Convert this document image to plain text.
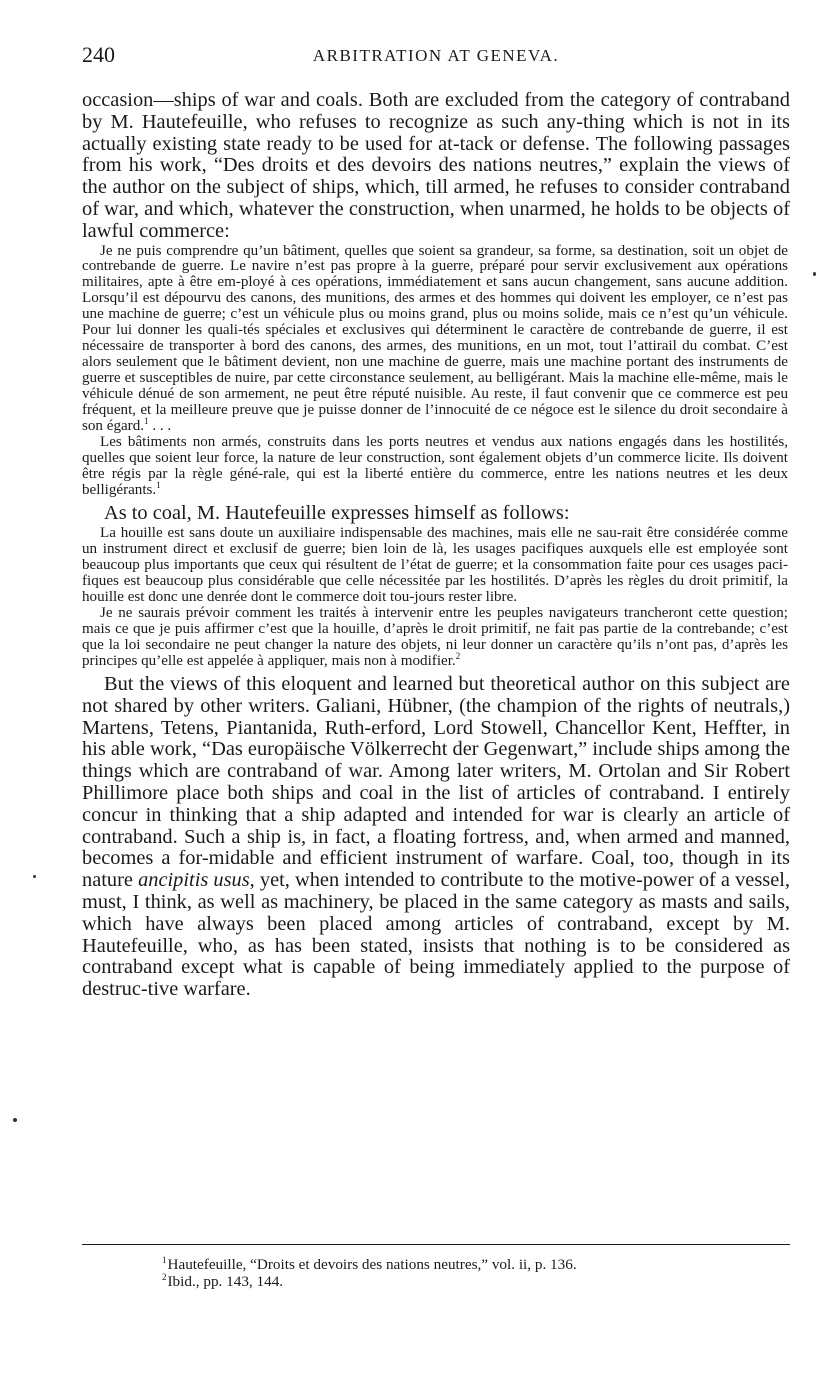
240	ARBITRATION AT GENEVA.

occasion—ships of war and coals. Both are excluded from the category of contraband by M. Hautefeuille, who refuses to recognize as such any-thing which is not in its actually existing state ready to be used for at-tack or defense. The following passages from his work, “Des droits et des devoirs des nations neutres,” explain the views of the author on the subject of ships, which, till armed, he refuses to consider contraband of war, and which, whatever the construction, when unarmed, he holds to be objects of lawful commerce:

Je ne puis comprendre qu’un bâtiment, quelles que soient sa grandeur, sa forme, sa destination, soit un objet de contrebande de guerre. Le navire n’est pas propre à la guerre, préparé pour servir exclusivement aux opérations militaires, apte à être em-ployé à ces opérations, immédiatement et sans aucun changement, sans aucune addition. Lorsqu’il est dépourvu des canons, des munitions, des armes et des hommes qui doivent les employer, ce n’est pas une machine de guerre; c’est un véhicule plus ou moins grand, plus ou moins solide, mais ce n’est qu’un véhicule. Pour lui donner les quali-tés spéciales et exclusives qui déterminent le caractère de contrebande de guerre, il est nécessaire de transporter à bord des canons, des armes, des munitions, en un mot, tout l’attirail du combat. C’est alors seulement que le bâtiment devient, non une machine de guerre, mais une machine portant des instruments de guerre et susceptibles de nuire, par cette circonstance seulement, au belligérant. Mais la machine elle-même, mais le véhicule dénué de son armement, ne peut être réputé nuisible. Au reste, il faut convenir que ce commerce est peu fréquent, et la meilleure preuve que je puisse donner de l’innocuité de ce négoce est le silence du droit secondaire à son égard.$^1$ . . .

Les bâtiments non armés, construits dans les ports neutres et vendus aux nations engagés dans les hostilités, quelles que soient leur force, la nature de leur construction, sont également objets d’un commerce licite. Ils doivent être régis par la règle géné-rale, qui est la liberté entière du commerce, entre les nations neutres et les deux belligérants.$^1$

As to coal, M. Hautefeuille expresses himself as follows:

La houille est sans doute un auxiliaire indispensable des machines, mais elle ne sau-rait être considérée comme un instrument direct et exclusif de guerre; bien loin de là, les usages pacifiques auxquels elle est employée sont beaucoup plus importants que ceux qui résultent de l’état de guerre; et la consommation faite pour ces usages paci-fiques est beaucoup plus considérable que celle nécessitée par les hostilités. D’après les règles du droit primitif, la houille est donc une denrée dont le commerce doit tou-jours rester libre.

Je ne saurais prévoir comment les traités à intervenir entre les peuples navigateurs trancheront cette question; mais ce que je puis affirmer c’est que la houille, d’après le droit primitif, ne fait pas partie de la contrebande; c’est que la loi secondaire ne peut changer la nature des objets, ni leur donner un caractère qu’ils n’ont pas, d’après les principes qu’elle est appelée à appliquer, mais non à modifier.$^2$

But the views of this eloquent and learned but theoretical author on this subject are not shared by other writers. Galiani, Hübner, (the champion of the rights of neutrals,) Martens, Tetens, Piantanida, Ruth-erford, Lord Stowell, Chancellor Kent, Heffter, in his able work, “Das europäische Völkerrecht der Gegenwart,” include ships among the things which are contraband of war. Among later writers, M. Ortolan and Sir Robert Phillimore place both ships and coal in the list of articles of contraband. I entirely concur in thinking that a ship adapted and intended for war is clearly an article of contraband. Such a ship is, in fact, a floating fortress, and, when armed and manned, becomes a for-midable and efficient instrument of warfare. Coal, too, though in its nature ancipitis usus, yet, when intended to contribute to the motive-power of a vessel, must, I think, as well as machinery, be placed in the same category as masts and sails, which have always been placed among articles of contraband, except by M. Hautefeuille, who, as has been stated, insists that nothing is to be considered as contraband except what is capable of being immediately applied to the purpose of destruc-tive warfare.

$^1$Hautefeuille, “Droits et devoirs des nations neutres,” vol. ii, p. 136.

$^2$Ibid., pp. 143, 144.
